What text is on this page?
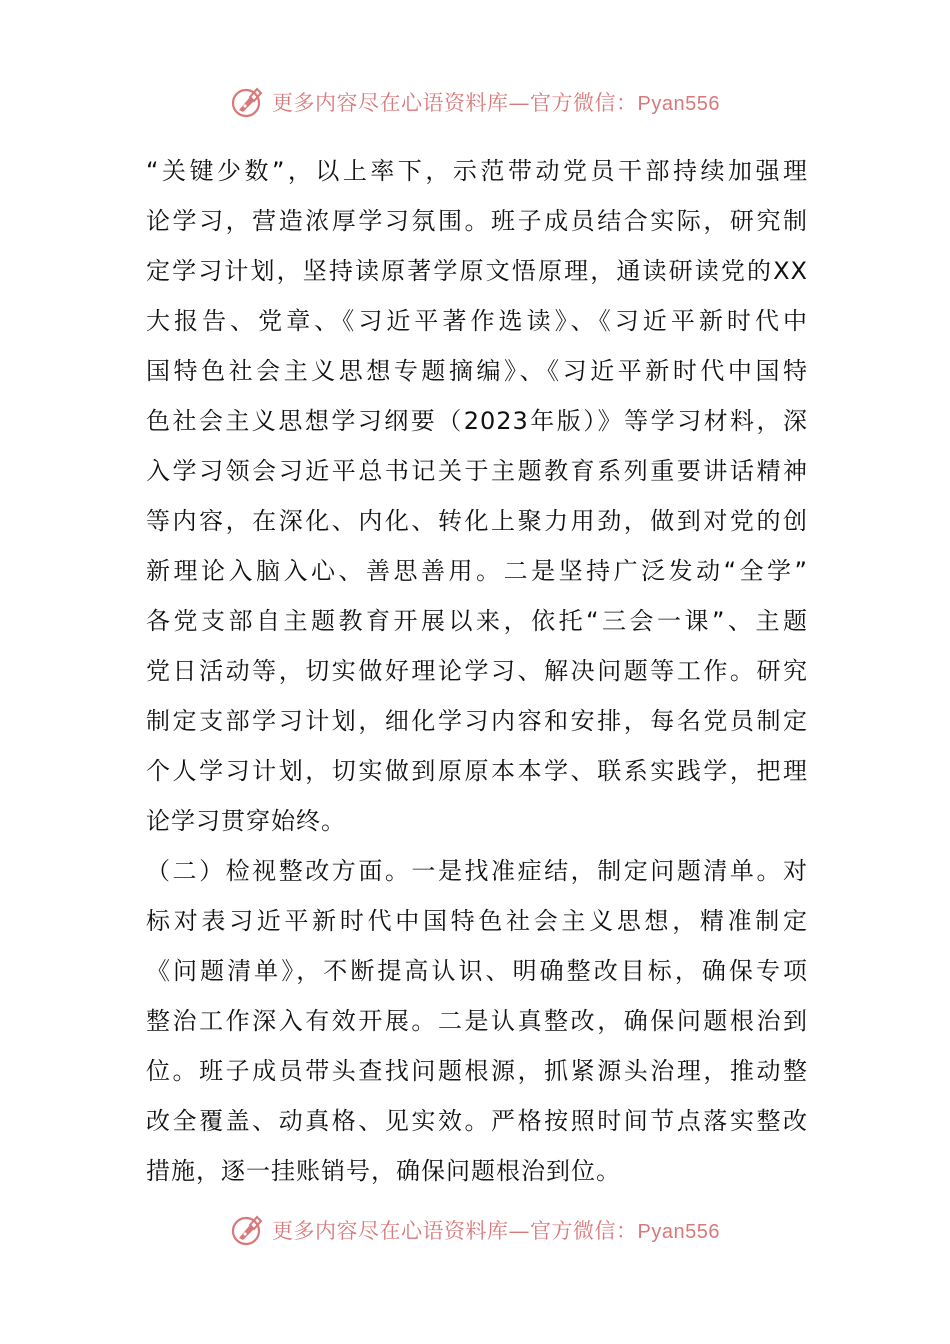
更多内容尽在心语资料库—官方微信：Pyan556
“关键少数”，以上率下，示范带动党员干部持续加强理
论学习，营造浓厚学习氛围。班子成员结合实际，研究制
定学习计划，坚持读原著学原文悟原理，通读研读党的XX
大报告、党章、《习近平著作选读》、《习近平新时代中
国特色社会主义思想专题摘编》、《习近平新时代中国特
色社会主义思想学习纲要（2023年版）》等学习材料，深
入学习领会习近平总书记关于主题教育系列重要讲话精神
等内容，在深化、内化、转化上聚力用劲，做到对党的创
新理论入脑入心、善思善用。二是坚持广泛发动“全学”
各党支部自主题教育开展以来，依托“三会一课”、主题
党日活动等，切实做好理论学习、解决问题等工作。研究
制定支部学习计划，细化学习内容和安排，每名党员制定
个人学习计划，切实做到原原本本学、联系实践学，把理
论学习贯穿始终。
（二）检视整改方面。一是找准症结，制定问题清单。对
标对表习近平新时代中国特色社会主义思想，精准制定
《问题清单》，不断提高认识、明确整改目标，确保专项
整治工作深入有效开展。二是认真整改，确保问题根治到
位。班子成员带头查找问题根源，抓紧源头治理，推动整
改全覆盖、动真格、见实效。严格按照时间节点落实整改
措施，逐一挂账销号，确保问题根治到位。
更多内容尽在心语资料库—官方微信：Pyan556
